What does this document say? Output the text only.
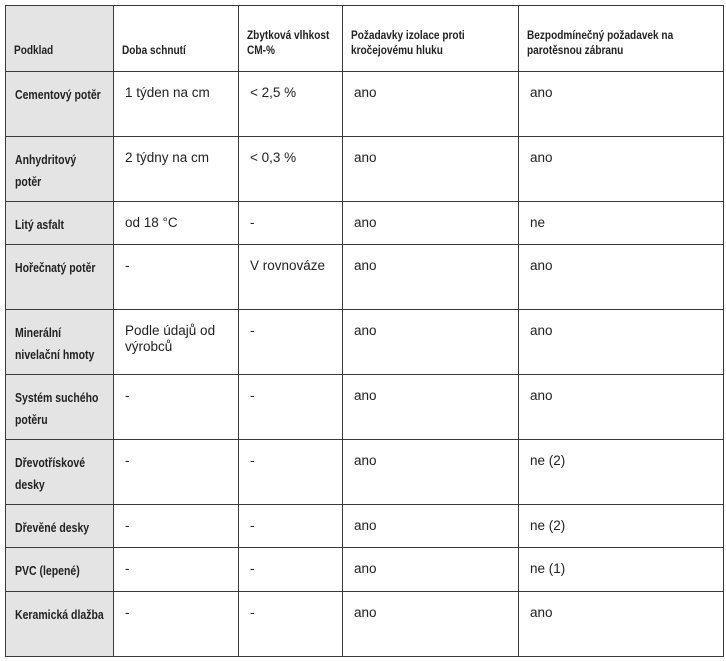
Podklad	Doba schnutí	Zbytková vlhkost CM-%	Požadavky izolace proti kročejovému hluku	Bezpodmínečný požadavek na parotěsnou zábranu
Cementový potěr	1 týden na cm	< 2,5 %	ano	ano
Anhydritový potěr	2 týdny na cm	< 0,3 %	ano	ano
Litý asfalt	od 18 °C	-	ano	ne
Hořečnatý potěr	-	V rovnováze	ano	ano
Minerální nivelační hmoty	Podle údajů od výrobců	-	ano	ano
Systém suchého potěru	-	-	ano	ano
Dřevotřískové desky	-	-	ano	ne (2)
Dřevěné desky	-	-	ano	ne (2)
PVC (lepené)	-	-	ano	ne (1)
Keramická dlažba	-	-	ano	ano
